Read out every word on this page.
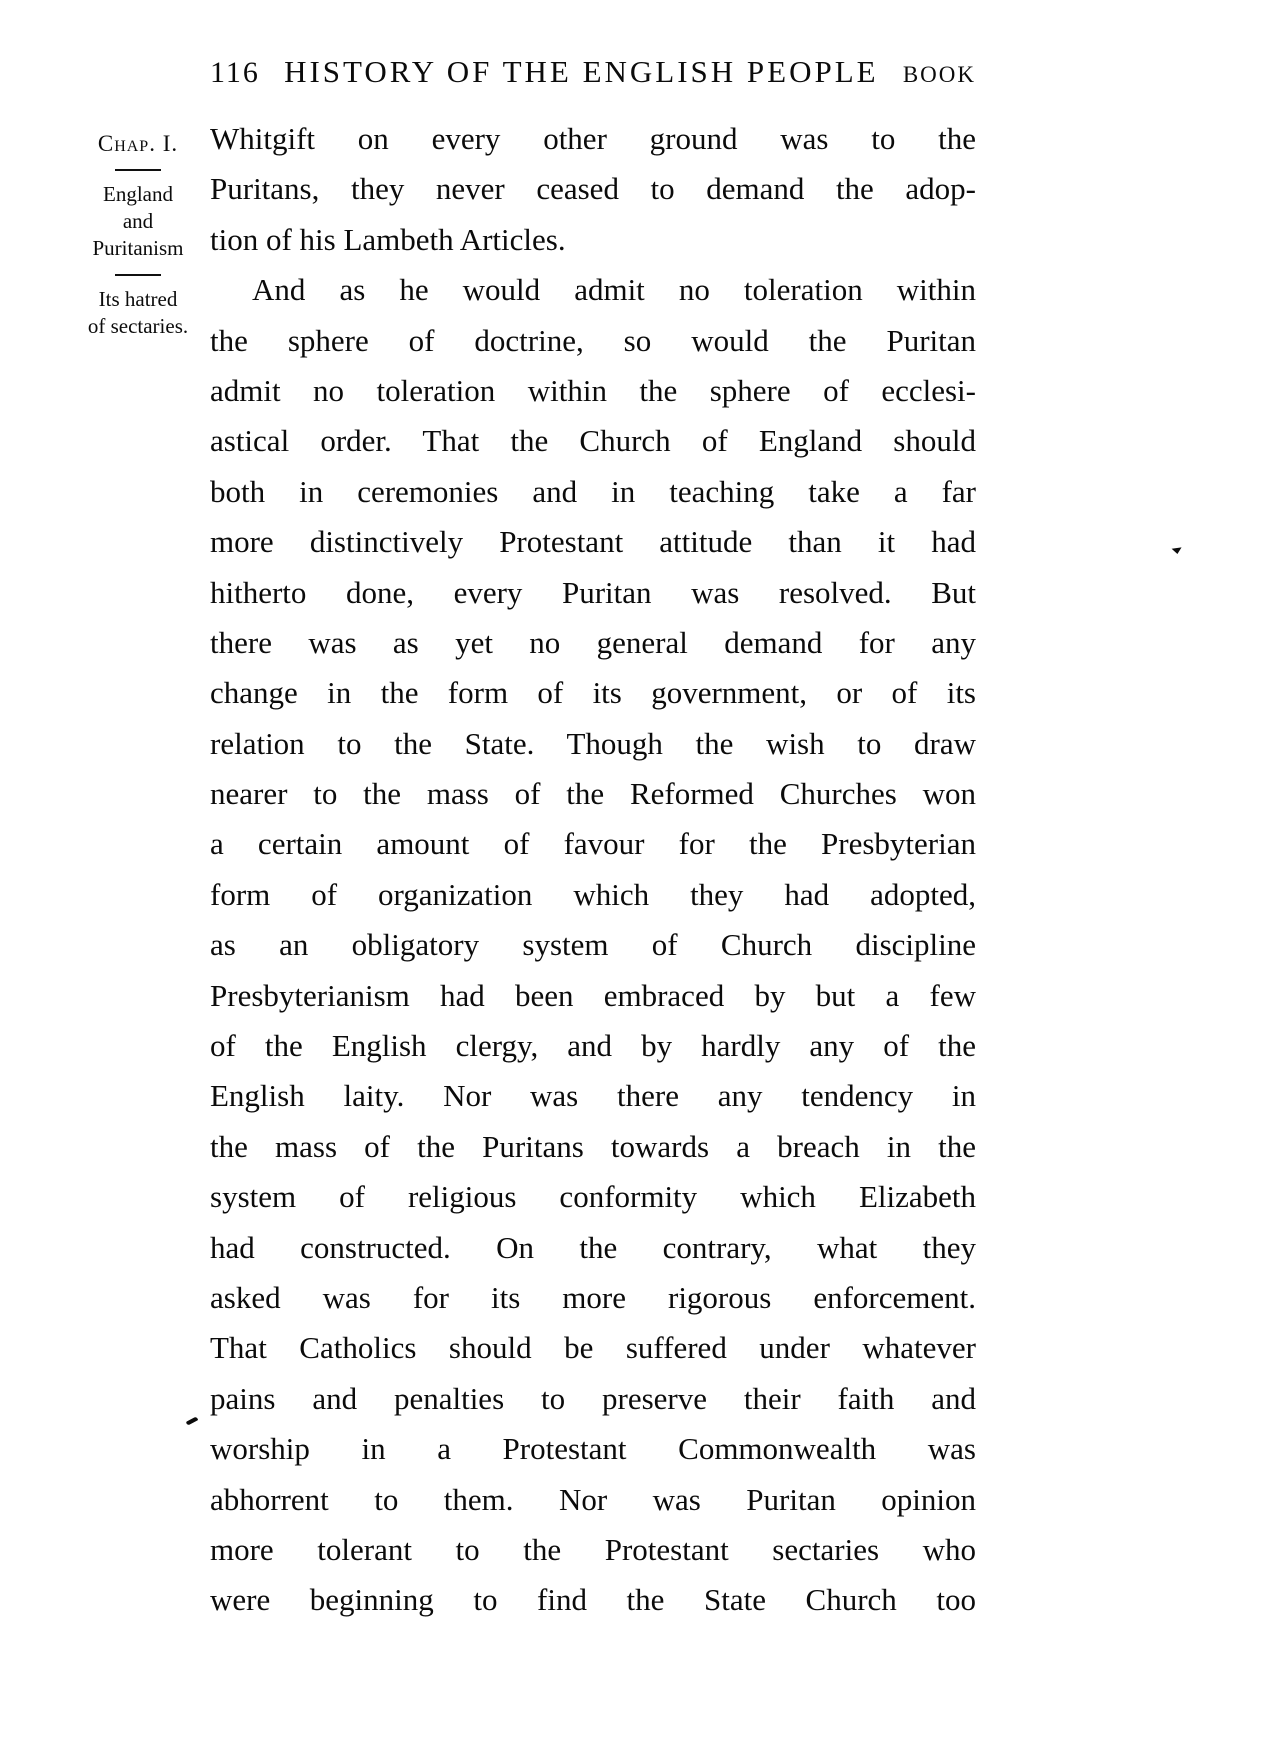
116 HISTORY OF THE ENGLISH PEOPLE	BOOK
Chap. I.
England
and
Puritanism
Its hatred
of sectaries.
Whitgift on every other ground was to the
Puritans, they never ceased to demand the adop-
tion of his Lambeth Articles.
And as he would admit no toleration within
the sphere of doctrine, so would the Puritan
admit no toleration within the sphere of ecclesi-
astical order. That the Church of England should
both in ceremonies and in teaching take a far
more distinctively Protestant attitude than it had
hitherto done, every Puritan was resolved. But
there was as yet no general demand for any
change in the form of its government, or of its
relation to the State. Though the wish to draw
nearer to the mass of the Reformed Churches won
a certain amount of favour for the Presbyterian
form of organization which they had adopted,
as an obligatory system of Church discipline
Presbyterianism had been embraced by but a few
of the English clergy, and by hardly any of the
English laity. Nor was there any tendency in
the mass of the Puritans towards a breach in the
system of religious conformity which Elizabeth
had constructed. On the contrary, what they
asked was for its more rigorous enforcement.
That Catholics should be suffered under whatever
pains and penalties to preserve their faith and
worship in a Protestant Commonwealth was
abhorrent to them. Nor was Puritan opinion
more tolerant to the Protestant sectaries who
were beginning to find the State Church too
